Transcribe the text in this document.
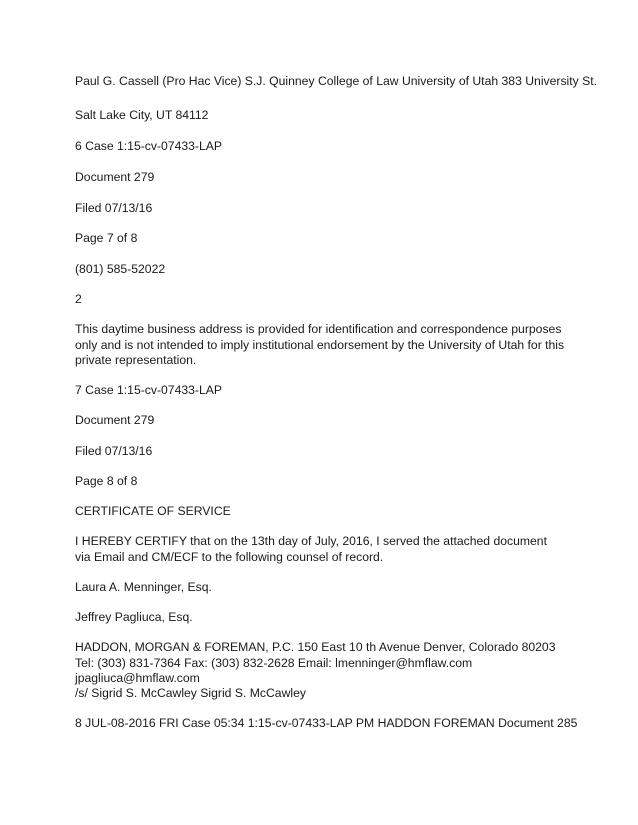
Paul G. Cassell (Pro Hac Vice) S.J. Quinney College of Law University of Utah 383 University St.

Salt Lake City, UT 84112

6 Case 1:15-cv-07433-LAP

Document 279

Filed 07/13/16

Page 7 of 8

(801) 585-52022

2

This daytime business address is provided for identification and correspondence purposes only and is not intended to imply institutional endorsement by the University of Utah for this private representation.

7 Case 1:15-cv-07433-LAP

Document 279

Filed 07/13/16

Page 8 of 8

CERTIFICATE OF SERVICE

I HEREBY CERTIFY that on the 13th day of July, 2016, I served the attached document via Email and CM/ECF to the following counsel of record.

Laura A. Menninger, Esq.

Jeffrey Pagliuca, Esq.

HADDON, MORGAN & FOREMAN, P.C. 150 East 10 th Avenue Denver, Colorado 80203 Tel: (303) 831-7364 Fax: (303) 832-2628 Email: lmenninger@hmflaw.com jpagliuca@hmflaw.com

/s/ Sigrid S. McCawley Sigrid S. McCawley

8 JUL-08-2016 FRI Case 05:34 1:15-cv-07433-LAP PM HADDON FOREMAN Document 285
